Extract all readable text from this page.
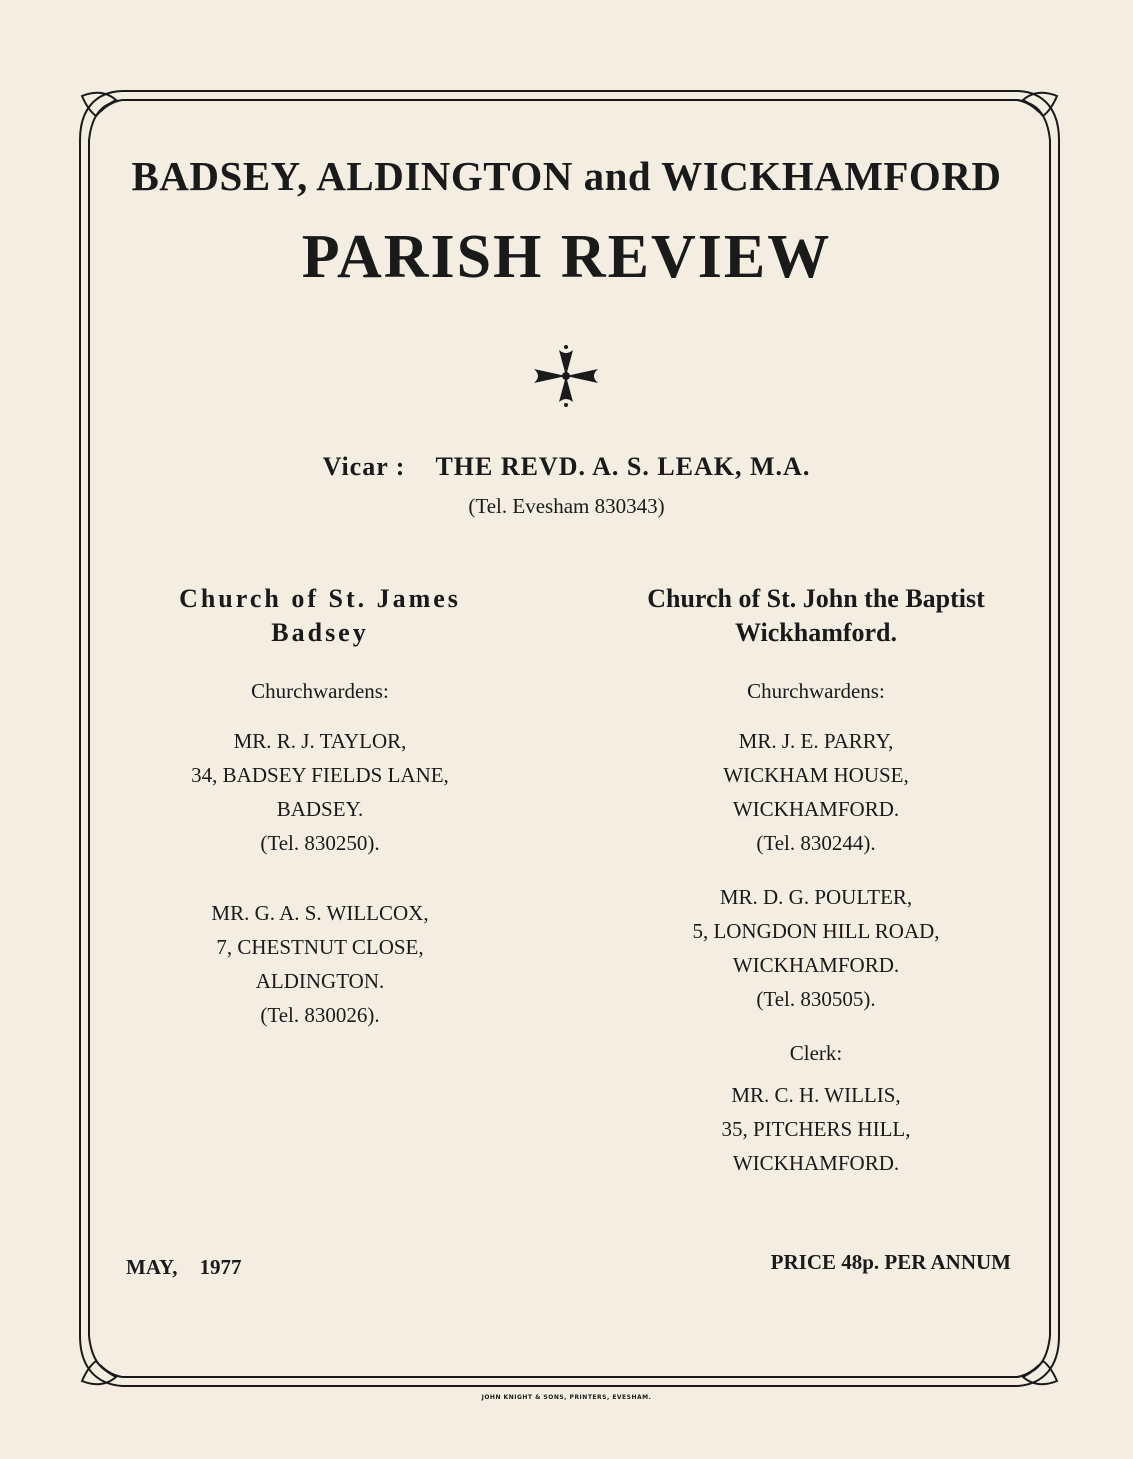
BADSEY, ALDINGTON and WICKHAMFORD

PARISH REVIEW

Vicar : THE REVD. A. S. LEAK, M.A.

(Tel. Evesham 830343)

Church of St. James
Badsey
Churchwardens:
MR. R. J. TAYLOR,
34, BADSEY FIELDS LANE,
BADSEY.
(Tel. 830250).
MR. G. A. S. WILLCOX,
7, CHESTNUT CLOSE,
ALDINGTON.
(Tel. 830026).
Church of St. John the Baptist
Wickhamford.
Churchwardens:
MR. J. E. PARRY,
WICKHAM HOUSE,
WICKHAMFORD.
(Tel. 830244).
MR. D. G. POULTER,
5, LONGDON HILL ROAD,
WICKHAMFORD.
(Tel. 830505).
Clerk:
MR. C. H. WILLIS,
35, PITCHERS HILL,
WICKHAMFORD.

MAY, 1977	PRICE 48p. PER ANNUM

JOHN KNIGHT & SONS, PRINTERS, EVESHAM.
